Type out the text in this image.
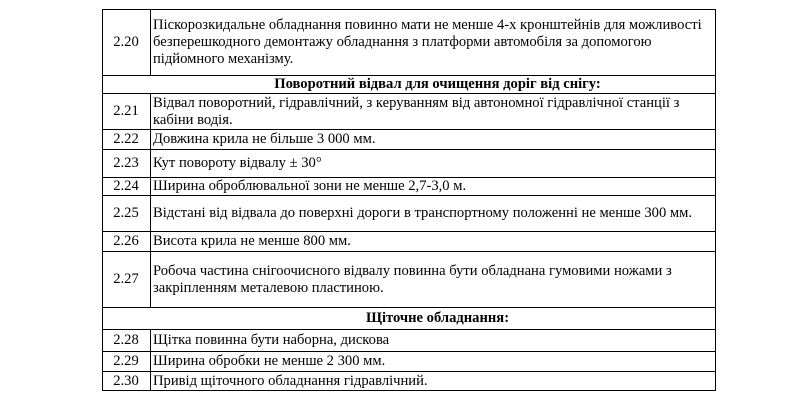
2.20	Піскорозкидальне обладнання повинно мати не менше 4-х кронштейнів для можливості безперешкодного демонтажу обладнання з платформи автомобіля за допомогою підйомного механізму.
Поворотний відвал для очищення доріг від снігу:	
2.21	Відвал поворотний, гідравлічний, з керуванням від автономної гідравлічної станції з кабіни водія.
2.22	Довжина крила не більше 3 000 мм.
2.23	Кут повороту відвалу ± 30°
2.24	Ширина оброблювальної зони не менше 2,7-3,0 м.
2.25	Відстані від відвала до поверхні дороги в транспортному положенні не менше 300 мм.
2.26	Висота крила не менше 800 мм.
2.27	Робоча частина снігоочисного відвалу повинна бути обладнана гумовими ножами з закріпленням металевою пластиною.
Щіточне обладнання:	
2.28	Щітка повинна бути наборна, дискова
2.29	Ширина обробки не менше 2 300 мм.
2.30	Привід щіточного обладнання гідравлічний.
